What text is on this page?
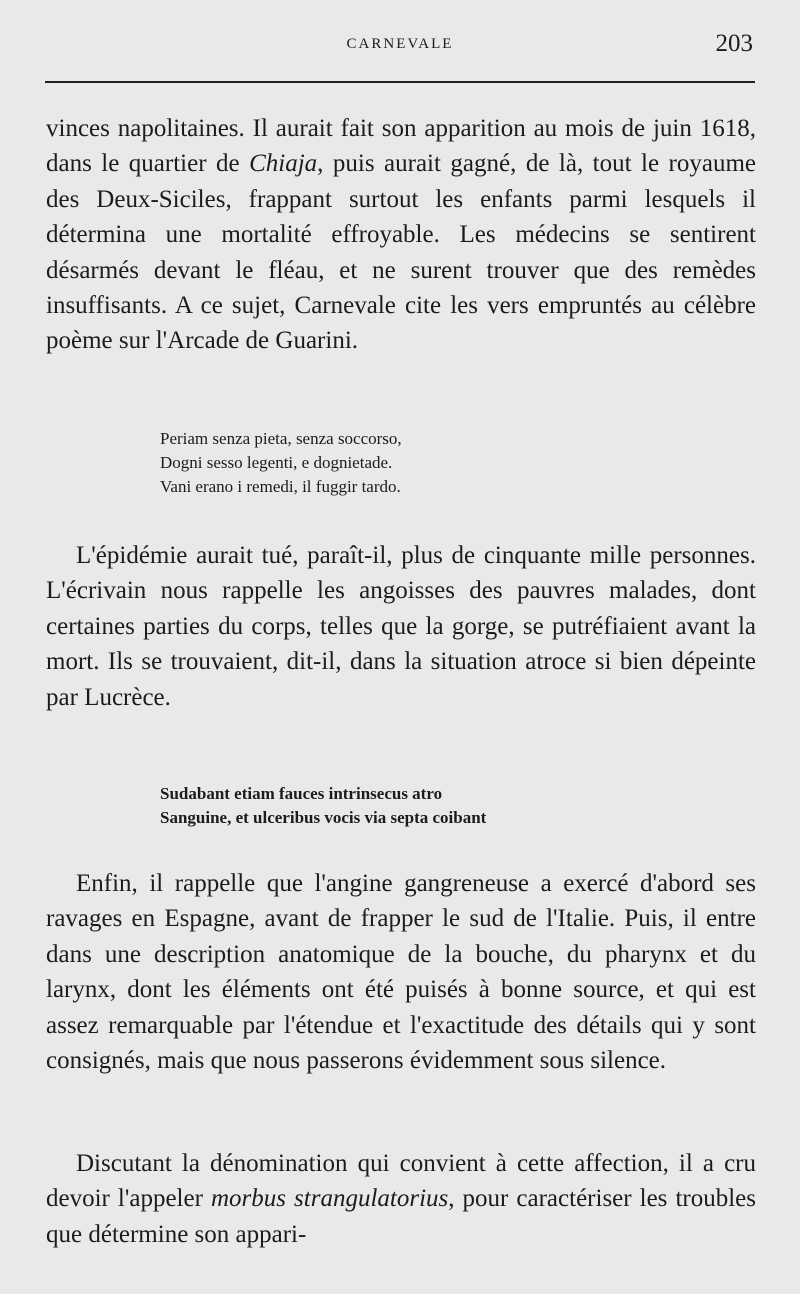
CARNEVALE	203

vinces napolitaines. Il aurait fait son apparition au mois de juin 1618, dans le quartier de Chiaja, puis aurait gagné, de là, tout le royaume des Deux-Siciles, frappant surtout les enfants parmi lesquels il détermina une mortalité effroyable. Les médecins se sentirent désarmés devant le fléau, et ne surent trouver que des remèdes insuffisants. A ce sujet, Carnevale cite les vers empruntés au célèbre poème sur l'Arcade de Guarini.

Periam senza pieta, senza soccorso,
Dogni sesso legenti, e dognietade.
Vani erano i remedi, il fuggir tardo.

L'épidémie aurait tué, paraît-il, plus de cinquante mille personnes. L'écrivain nous rappelle les angoisses des pauvres malades, dont certaines parties du corps, telles que la gorge, se putréfiaient avant la mort. Ils se trouvaient, dit-il, dans la situation atroce si bien dépeinte par Lucrèce.

Sudabant etiam fauces intrinsecus atro
Sanguine, et ulceribus vocis via septa coibant

Enfin, il rappelle que l'angine gangreneuse a exercé d'abord ses ravages en Espagne, avant de frapper le sud de l'Italie. Puis, il entre dans une description anatomique de la bouche, du pharynx et du larynx, dont les éléments ont été puisés à bonne source, et qui est assez remarquable par l'étendue et l'exactitude des détails qui y sont consignés, mais que nous passerons évidemment sous silence.

Discutant la dénomination qui convient à cette affection, il a cru devoir l'appeler morbus strangulatorius, pour caractériser les troubles que détermine son appari-
